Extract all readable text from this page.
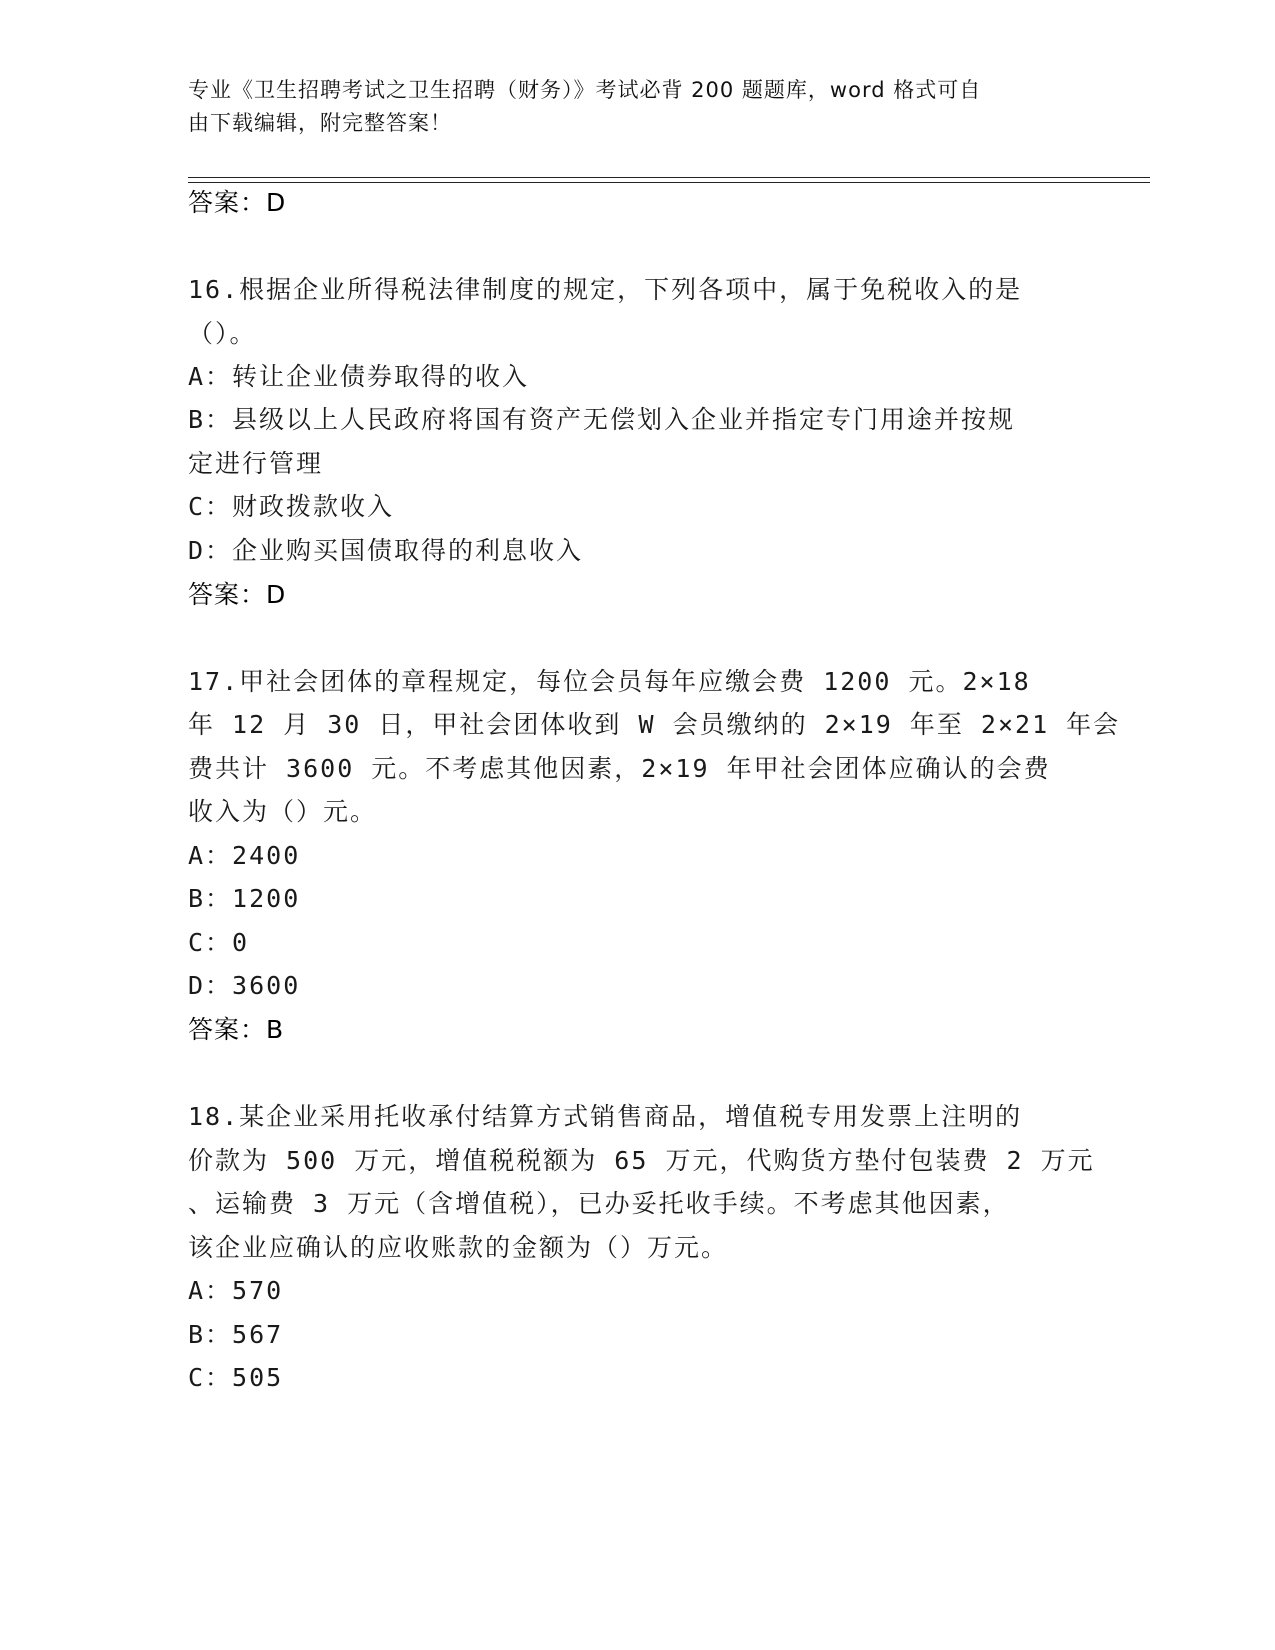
专业《卫生招聘考试之卫生招聘（财务）》考试必背 200 题题库，word 格式可自
由下载编辑，附完整答案！
答案：D
16.根据企业所得税法律制度的规定，下列各项中，属于免税收入的是
（）。
A：转让企业债券取得的收入
B：县级以上人民政府将国有资产无偿划入企业并指定专门用途并按规
定进行管理
C：财政拨款收入
D：企业购买国债取得的利息收入
答案：D
17.甲社会团体的章程规定，每位会员每年应缴会费 1200 元。2×18
年 12 月 30 日，甲社会团体收到 W 会员缴纳的 2×19 年至 2×21 年会
费共计 3600 元。不考虑其他因素，2×19 年甲社会团体应确认的会费
收入为（）元。
A：2400
B：1200
C：0
D：3600
答案：B
18.某企业采用托收承付结算方式销售商品，增值税专用发票上注明的
价款为 500 万元，增值税税额为 65 万元，代购货方垫付包装费 2 万元
、运输费 3 万元（含增值税），已办妥托收手续。不考虑其他因素，
该企业应确认的应收账款的金额为（）万元。
A：570
B：567
C：505
